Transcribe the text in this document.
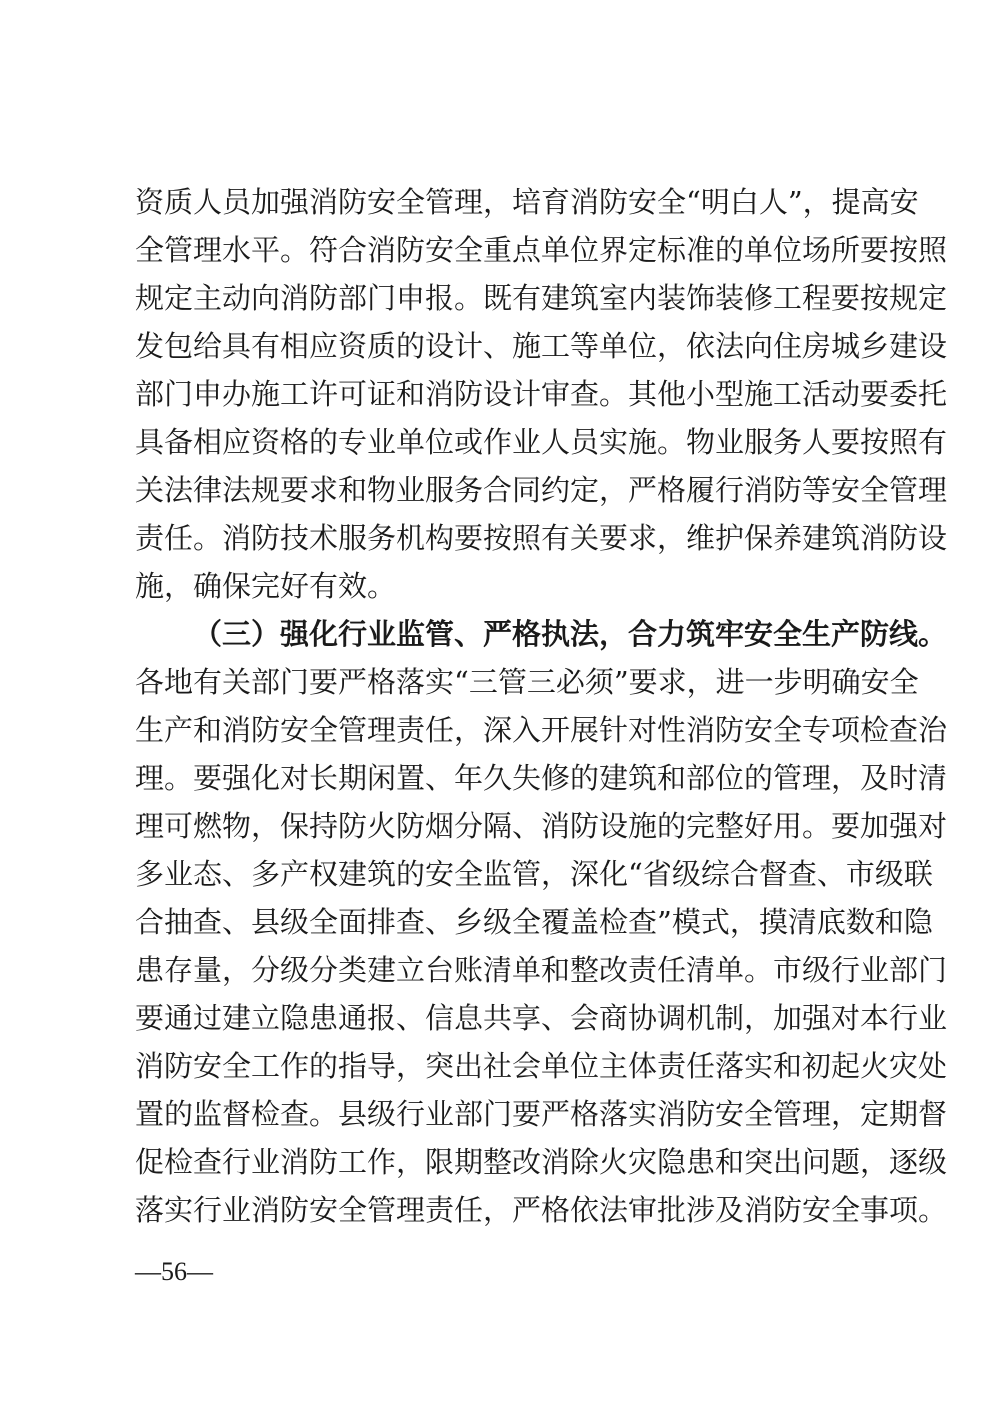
资质人员加强消防安全管理，培育消防安全“明白人”，提高安
全管理水平。符合消防安全重点单位界定标准的单位场所要按照
规定主动向消防部门申报。既有建筑室内装饰装修工程要按规定
发包给具有相应资质的设计、施工等单位，依法向住房城乡建设
部门申办施工许可证和消防设计审查。其他小型施工活动要委托
具备相应资格的专业单位或作业人员实施。物业服务人要按照有
关法律法规要求和物业服务合同约定，严格履行消防等安全管理
责任。消防技术服务机构要按照有关要求，维护保养建筑消防设
施，确保完好有效。
（三）强化行业监管、严格执法，合力筑牢安全生产防线。
各地有关部门要严格落实“三管三必须”要求，进一步明确安全
生产和消防安全管理责任，深入开展针对性消防安全专项检查治
理。要强化对长期闲置、年久失修的建筑和部位的管理，及时清
理可燃物，保持防火防烟分隔、消防设施的完整好用。要加强对
多业态、多产权建筑的安全监管，深化“省级综合督查、市级联
合抽查、县级全面排查、乡级全覆盖检查”模式，摸清底数和隐
患存量，分级分类建立台账清单和整改责任清单。市级行业部门
要通过建立隐患通报、信息共享、会商协调机制，加强对本行业
消防安全工作的指导，突出社会单位主体责任落实和初起火灾处
置的监督检查。县级行业部门要严格落实消防安全管理，定期督
促检查行业消防工作，限期整改消除火灾隐患和突出问题，逐级
落实行业消防安全管理责任，严格依法审批涉及消防安全事项。
—56—
